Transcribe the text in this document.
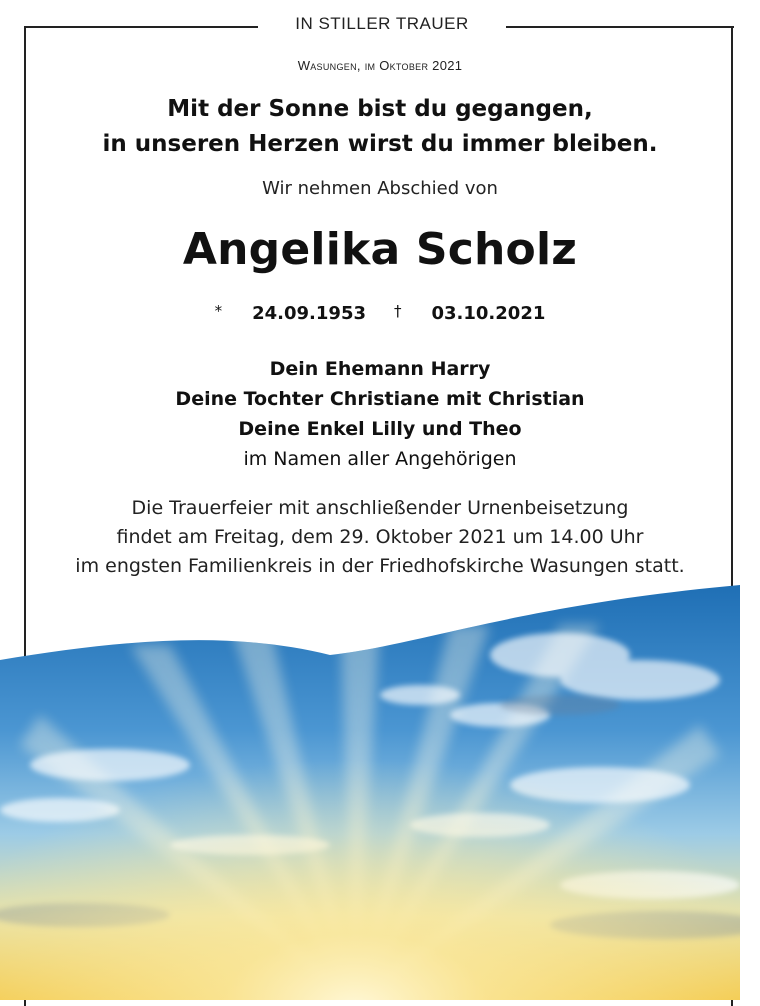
IN STILLER TRAUER
Wasungen, im Oktober 2021
Mit der Sonne bist du gegangen,
in unseren Herzen wirst du immer bleiben.
Wir nehmen Abschied von
Angelika Scholz
* 24.09.1953 † 03.10.2021
Dein Ehemann Harry
Deine Tochter Christiane mit Christian
Deine Enkel Lilly und Theo
im Namen aller Angehörigen
Die Trauerfeier mit anschließender Urnenbeisetzung
findet am Freitag, dem 29. Oktober 2021 um 14.00 Uhr
im engsten Familienkreis in der Friedhofskirche Wasungen statt.
